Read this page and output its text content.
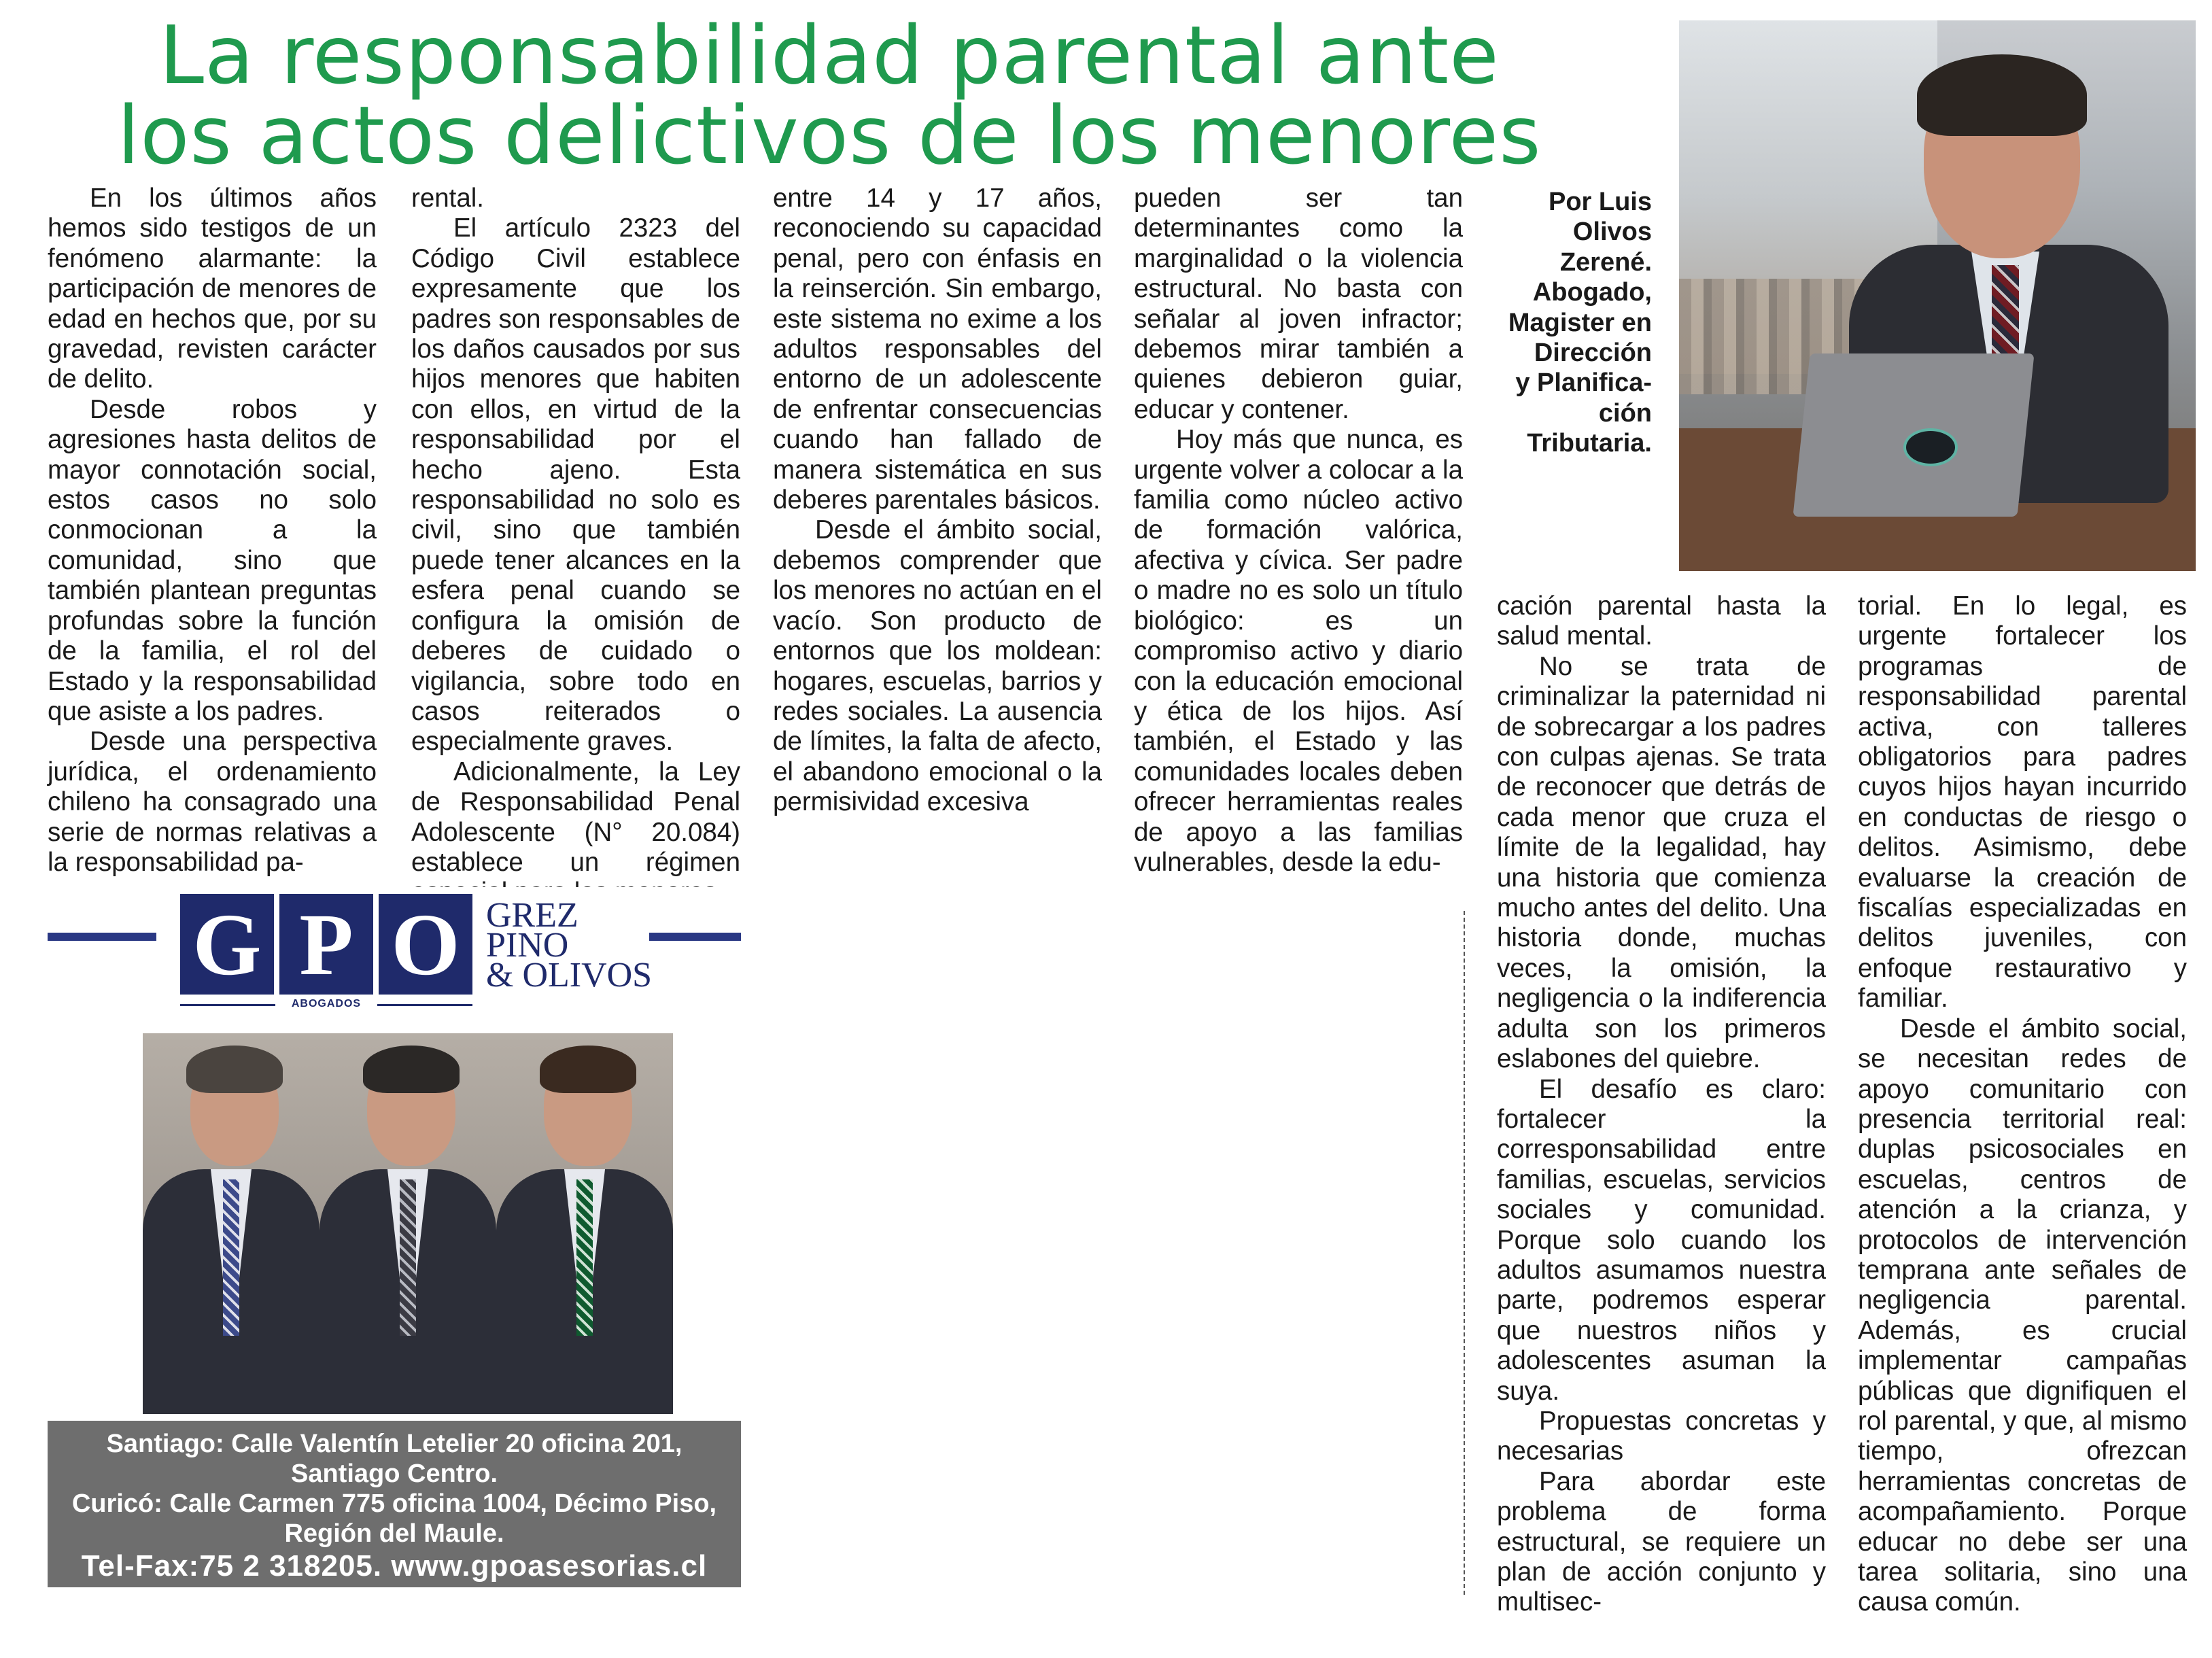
La responsabilidad parental ante
los actos delictivos de los menores

En los últimos años hemos sido testigos de un fenómeno alarmante: la participación de menores de edad en hechos que, por su gravedad, revisten carácter de delito.

Desde robos y agresiones hasta delitos de mayor connotación social, estos casos no solo conmocionan a la comunidad, sino que también plantean preguntas profundas sobre la función de la familia, el rol del Estado y la responsabilidad que asiste a los padres.

Desde una perspectiva jurídica, el ordenamiento chileno ha consagrado una serie de normas relativas a la responsabilidad pa-

rental.

El artículo 2323 del Código Civil establece expresamente que los padres son responsables de los daños causados por sus hijos menores que habiten con ellos, en virtud de la responsabilidad por el hecho ajeno. Esta responsabilidad no solo es civil, sino que también puede tener alcances en la esfera penal cuando se configura la omisión de deberes de cuidado o vigilancia, sobre todo en casos reiterados o especialmente graves.

Adicionalmente, la Ley de Responsabilidad Penal Adolescente (N° 20.084) establece un régimen

entre 14 y 17 años, reconociendo su capacidad penal, pero con énfasis en la reinserción. Sin embargo, este sistema no exime a los adultos responsables del entorno de un adolescente de enfrentar consecuencias cuando han fallado de manera sistemática en sus deberes parentales básicos.

Desde el ámbito social, debemos comprender que los menores no actúan en el vacío. Son producto de entornos que los moldean: hogares, escuelas, barrios y redes sociales. La ausencia de límites, la falta de afecto, el abandono emocional o la permisividad excesiva

pueden ser tan determinantes como la marginalidad o la violencia estructural. No basta con señalar al joven infractor; debemos mirar también a quienes debieron guiar, educar y contener.

Hoy más que nunca, es urgente volver a colocar a la familia como núcleo activo de formación valórica, afectiva y cívica. Ser padre o madre no es solo un título biológico: es un compromiso activo y diario con la educación emocional y ética de los hijos. Así también, el Estado y las comunidades locales deben ofrecer herramientas reales de apoyo a las familias vulnerables, desde la edu-

Por Luis
Olivos
Zerené.
Abogado,
Magister en
Dirección
y Planifica-
ción
Tributaria.

cación parental hasta la salud mental.

No se trata de criminalizar la paternidad ni de sobrecargar a los padres con culpas ajenas. Se trata de reconocer que detrás de cada menor que cruza el límite de la legalidad, hay una historia que comienza mucho antes del delito. Una historia donde, muchas veces, la omisión, la negligencia o la indiferencia adulta son los primeros eslabones del quiebre.

El desafío es claro: fortalecer la corresponsabilidad entre familias, escuelas, servicios sociales y comunidad. Porque solo cuando los adultos asumamos nuestra parte, podremos esperar que nuestros niños y adolescentes asuman la suya.

Propuestas concretas y necesarias

Para abordar este problema de forma estructural, se requiere un plan de acción conjunto y multisec-

torial. En lo legal, es urgente fortalecer los programas de responsabilidad parental activa, con talleres obligatorios para padres cuyos hijos hayan incurrido en conductas de riesgo o delitos. Asimismo, debe evaluarse la creación de fiscalías especializadas en delitos juveniles, con enfoque restaurativo y familiar.

Desde el ámbito social, se necesitan redes de apoyo comunitario con presencia territorial real: duplas psicosociales en escuelas, centros de atención a la crianza, y protocolos de intervención temprana ante señales de negligencia parental. Además, es crucial implementar campañas públicas que dignifiquen el rol parental, y que, al mismo tiempo, ofrezcan herramientas concretas de acompañamiento. Porque educar no debe ser una tarea solitaria, sino una causa común.

G P O
ABOGADOS
GREZ
PINO
& OLIVOS
Santiago: Calle Valentín Letelier 20 oficina 201,
Santiago Centro.
Curicó: Calle Carmen 775 oficina 1004, Décimo Piso,
Región del Maule.
Tel-Fax:75 2 318205. www.gpoasesorias.cl
